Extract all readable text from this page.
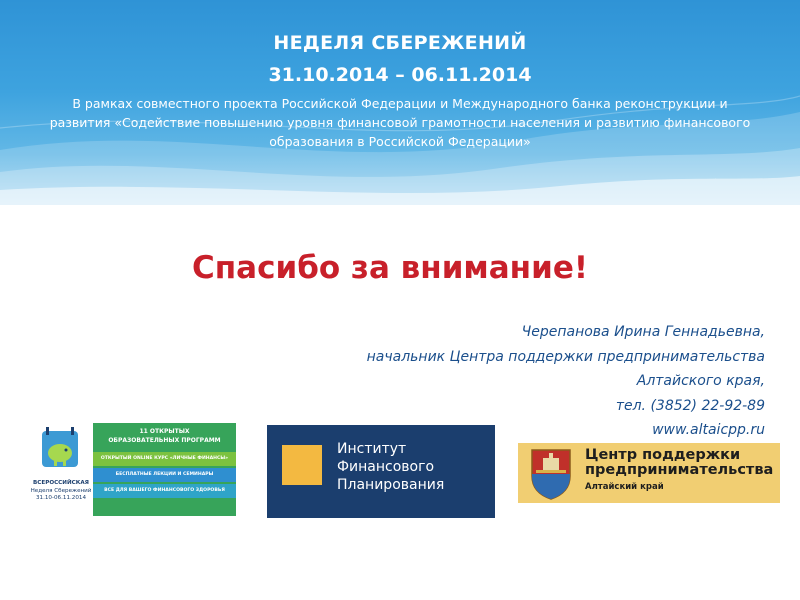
НЕДЕЛЯ СБЕРЕЖЕНИЙ
31.10.2014 – 06.11.2014
В рамках совместного проекта Российской Федерации и Международного банка реконструкции и развития «Содействие повышению уровня финансовой грамотности населения и развитию финансового образования в Российской Федерации»
Спасибо за внимание!
Черепанова Ирина Геннадьевна,
начальник Центра поддержки предпринимательства
Алтайского края,
тел. (3852) 22-92-89
www.altaicpp.ru
ВСЕРОССИЙСКАЯ
Неделя Сбережений
31.10-06.11.2014
11 ОТКРЫТЫХ
ОБРАЗОВАТЕЛЬНЫХ ПРОГРАММ
ОТКРЫТЫЙ ONLINE КУРС «ЛИЧНЫЕ ФИНАНСЫ»
БЕСПЛАТНЫЕ ЛЕКЦИИ И СЕМИНАРЫ
ВСЕ ДЛЯ ВАШЕГО ФИНАНСОВОГО ЗДОРОВЬЯ
Институт
Финансового
Планирования
Центр поддержки
предпринимательства
Алтайский край
